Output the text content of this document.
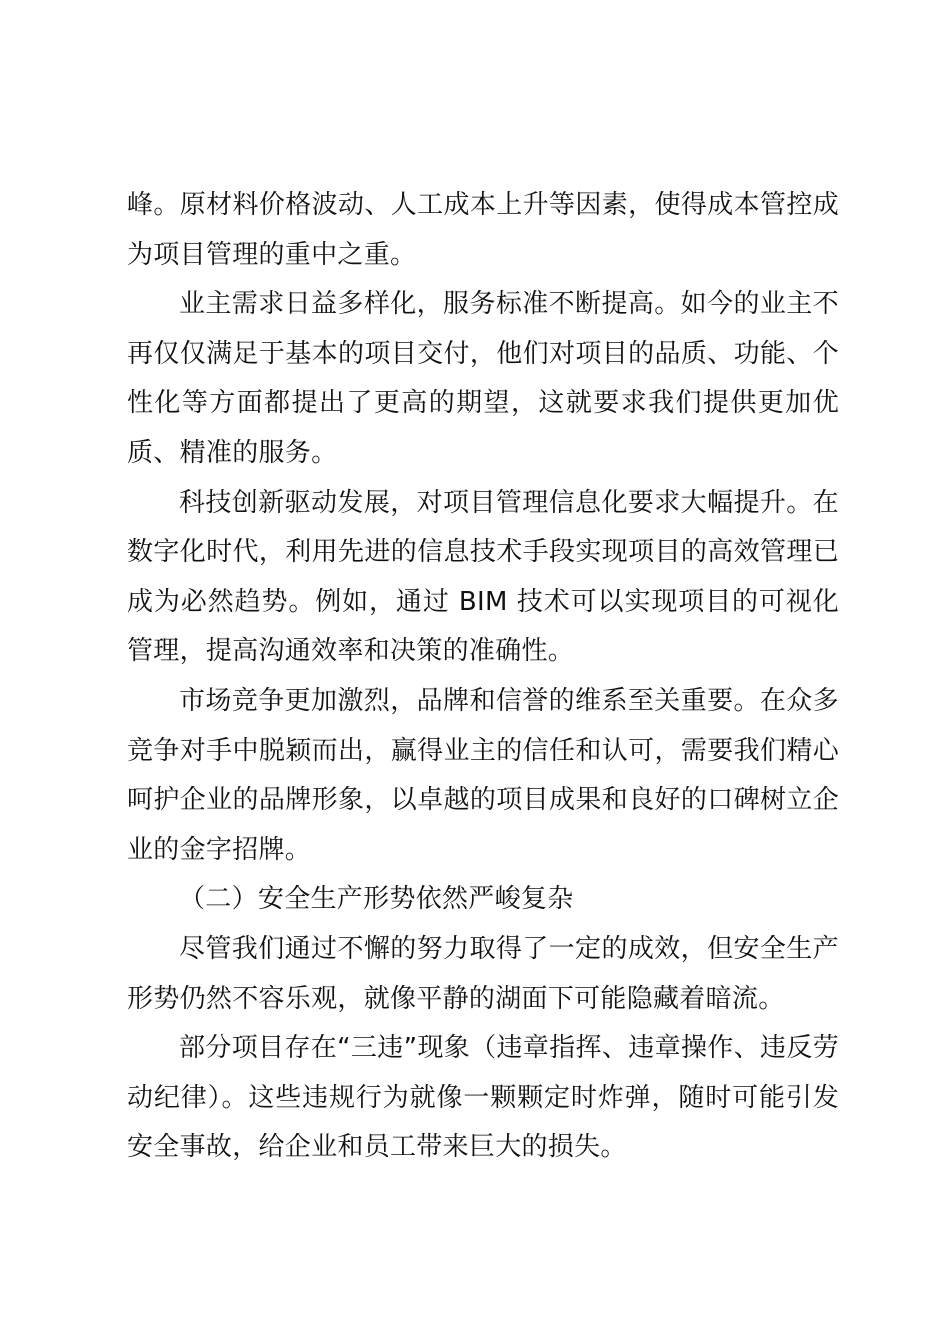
峰。原材料价格波动、人工成本上升等因素，使得成本管控成为项目管理的重中之重。

业主需求日益多样化，服务标准不断提高。如今的业主不再仅仅满足于基本的项目交付，他们对项目的品质、功能、个性化等方面都提出了更高的期望，这就要求我们提供更加优质、精准的服务。

科技创新驱动发展，对项目管理信息化要求大幅提升。在数字化时代，利用先进的信息技术手段实现项目的高效管理已成为必然趋势。例如，通过 BIM 技术可以实现项目的可视化管理，提高沟通效率和决策的准确性。

市场竞争更加激烈，品牌和信誉的维系至关重要。在众多竞争对手中脱颖而出，赢得业主的信任和认可，需要我们精心呵护企业的品牌形象，以卓越的项目成果和良好的口碑树立企业的金字招牌。

（二）安全生产形势依然严峻复杂

尽管我们通过不懈的努力取得了一定的成效，但安全生产形势仍然不容乐观，就像平静的湖面下可能隐藏着暗流。

部分项目存在“三违”现象（违章指挥、违章操作、违反劳动纪律）。这些违规行为就像一颗颗定时炸弹，随时可能引发安全事故，给企业和员工带来巨大的损失。
